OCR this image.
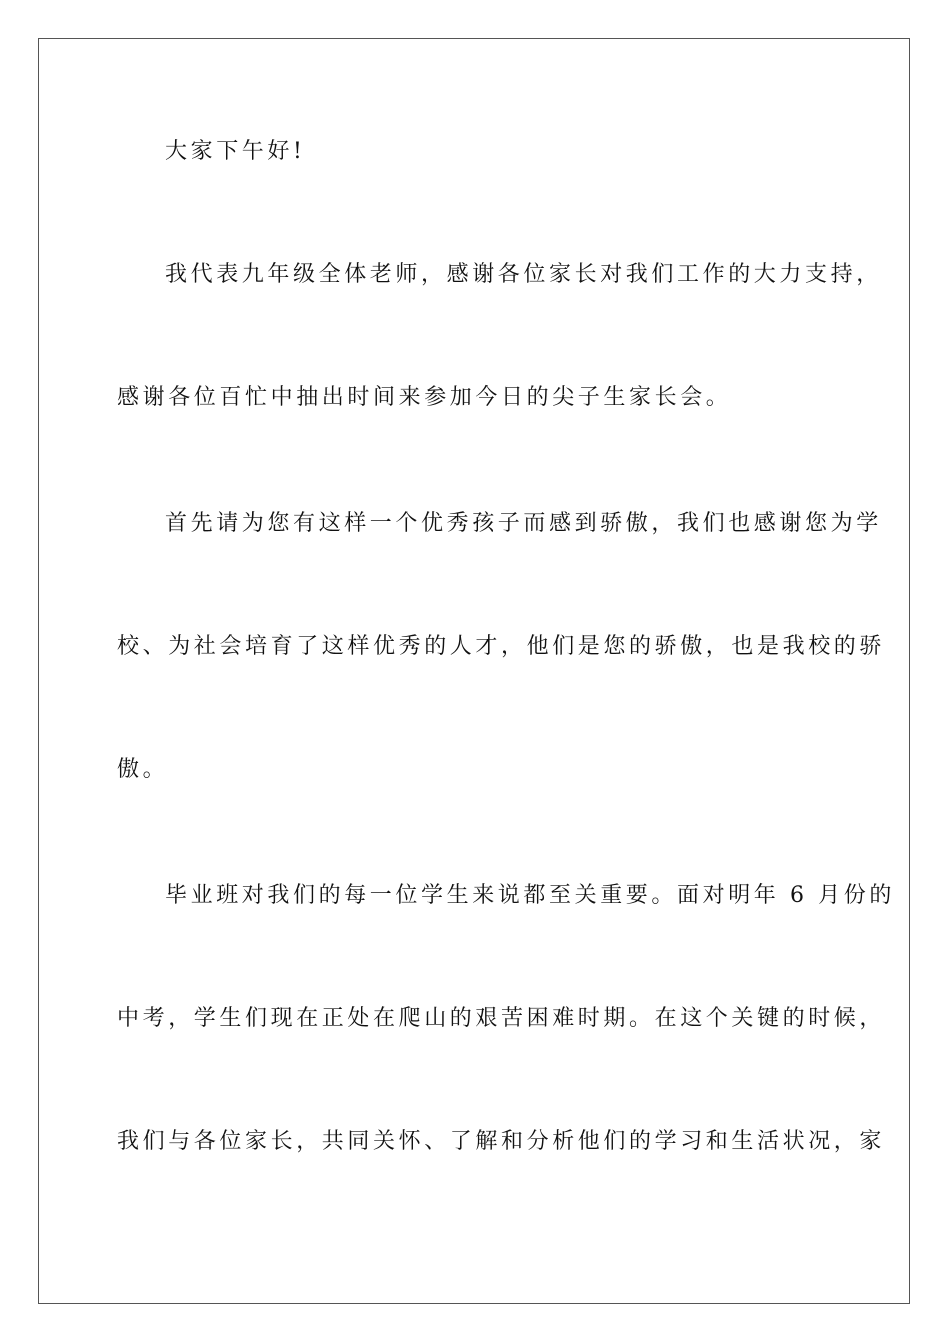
大家下午好!
我代表九年级全体老师，感谢各位家长对我们工作的大力支持，
感谢各位百忙中抽出时间来参加今日的尖子生家长会。
首先请为您有这样一个优秀孩子而感到骄傲，我们也感谢您为学
校、为社会培育了这样优秀的人才，他们是您的骄傲，也是我校的骄
傲。
毕业班对我们的每一位学生来说都至关重要。面对明年 6 月份的
中考，学生们现在正处在爬山的艰苦困难时期。在这个关键的时候，
我们与各位家长，共同关怀、了解和分析他们的学习和生活状况，家
